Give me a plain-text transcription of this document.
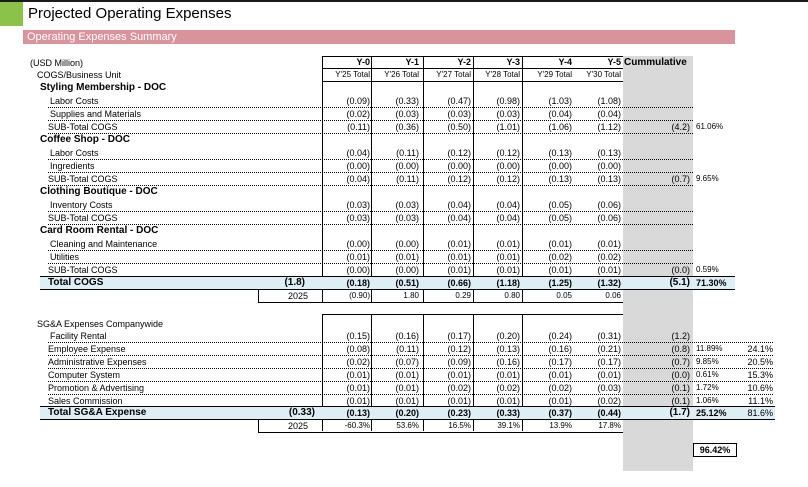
Projected Operating Expenses
Operating Expenses Summary
(USD Million)
COGS/Business Unit
Y-0	Y-1	Y-2	Y-3	Y-4	Y-5 Cummulative
Y'25 Total	Y'26 Total	Y'27 Total	Y'28 Total	Y'29 Total	Y'30 Total
Styling Membership - DOC
Labor Costs	(0.09)	(0.33)	(0.47)	(0.98)	(1.03)	(1.08)
Supplies and Materials	(0.02)	(0.03)	(0.03)	(0.03)	(0.04)	(0.04)
SUB-Total COGS	(0.11)	(0.36)	(0.50)	(1.01)	(1.06)	(1.12)	(4.2) 61.06%
Coffee Shop - DOC
Labor Costs	(0.04)	(0.11)	(0.12)	(0.12)	(0.13)	(0.13)
Ingredients	(0.00)	(0.00)	(0.00)	(0.00)	(0.00)	(0.00)
SUB-Total COGS	(0.04)	(0.11)	(0.12)	(0.12)	(0.13)	(0.13)	(0.7) 9.65%
Clothing Boutique - DOC
Inventory Costs	(0.03)	(0.03)	(0.04)	(0.04)	(0.05)	(0.06)
SUB-Total COGS	(0.03)	(0.03)	(0.04)	(0.04)	(0.05)	(0.06)
Card Room Rental - DOC
Cleaning and Maintenance	(0.00)	(0.00)	(0.01)	(0.01)	(0.01)	(0.01)
Utilities	(0.01)	(0.01)	(0.01)	(0.01)	(0.02)	(0.02)
SUB-Total COGS	(0.00)	(0.00)	(0.01)	(0.01)	(0.01)	(0.01)	(0.0) 0.59%
Total COGS	(1.8)	(0.18)	(0.51)	(0.66)	(1.18)	(1.25)	(1.32)	(5.1) 71.30%
2025	(0.90)	1.80	0.29	0.80	0.05	0.06
SG&A Expenses Companywide
Facility Rental	(0.15)	(0.16)	(0.17)	(0.20)	(0.24)	(0.31)	(1.2)
Employee Expense	(0.08)	(0.11)	(0.12)	(0.13)	(0.16)	(0.21)	(0.8) 11.89%	24.1%
Administrative Expenses	(0.02)	(0.07)	(0.09)	(0.16)	(0.17)	(0.17)	(0.7) 9.85%	20.5%
Computer System	(0.01)	(0.01)	(0.01)	(0.01)	(0.01)	(0.01)	(0.0) 0.61%	15.3%
Promotion & Advertising	(0.01)	(0.01)	(0.02)	(0.02)	(0.02)	(0.03)	(0.1) 1.72%	10.6%
Sales Commission	(0.01)	(0.01)	(0.01)	(0.01)	(0.01)	(0.02)	(0.1) 1.06%	11.1%
Total SG&A Expense	(0.33)	(0.13)	(0.20)	(0.23)	(0.33)	(0.37)	(0.44)	(1.7) 25.12%	81.6%
2025	-60.3%	53.6%	16.5%	39.1%	13.9%	17.8%
96.42%
